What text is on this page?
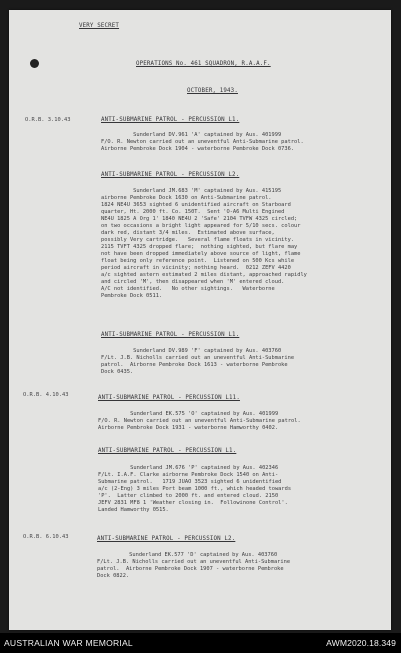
VERY SECRET
OPERATIONS No. 461 SQUADRON, R.A.A.F.
OCTOBER, 1943.
O.R.B. 3.10.43	ANTI-SUBMARINE PATROL - PERCUSSION L1.
Sunderland DV.961 'A' captained by Aus. 401999
F/O. R. Newton carried out an uneventful Anti-Submarine patrol.
Airborne Pembroke Dock 1904 - waterborne Pembroke Dock 0736.
ANTI-SUBMARINE PATROL - PERCUSSION L2.
Sunderland JM.683 'M' captained by Aus. 415195
airborne Pembroke Dock 1630 on Anti-Submarine patrol.
1824 NE4U 3653 sighted 6 unidentified aircraft on Starboard
quarter, Ht. 2000 ft. Co. 150T.  Sent 'O-A6 Multi Engined
NE4U 1825 A Org 1' 1840 NE4U 2 'Safe' 2104 TVFW 4325 circled;
on two occasions a bright light appeared for 5/10 secs. colour
dark red, distant 3/4 miles.  Estimated above surface,
possibly Very cartridge.   Several flame floats in vicinity.
2115 TVFT 4325 dropped flare;  nothing sighted, but flare may
not have been dropped immediately above source of light, flame
float being only reference point.  Listened on 500 Kcs while
period aircraft in vicinity; nothing heard.  0212 ZEFV 4420
a/c sighted astern estimated 2 miles distant, approached rapidly
and circled 'M', then disappeared when 'M' entered cloud.
A/C not identified.   No other sightings.   Waterborne
Pembroke Dock 0511.
ANTI-SUBMARINE PATROL - PERCUSSION L1.
Sunderland DV.989 'F' captained by Aus. 403760
F/Lt. J.B. Nicholls carried out an uneventful Anti-Submarine
patrol.  Airborne Pembroke Dock 1613 - waterborne Pembroke
Dock 0435.
O.R.B. 4.10.43	ANTI-SUBMARINE PATROL - PERCUSSION L11.
Sunderland EK.575 'O' captained by Aus. 401999
F/O. R. Newton carried out an uneventful Anti-Submarine patrol.
Airborne Pembroke Dock 1931 - waterborne Hamworthy 0402.
ANTI-SUBMARINE PATROL - PERCUSSION L1.
Sunderland JM.676 'P' captained by Aus. 402346
F/Lt. I.A.F. Clarke airborne Pembroke Dock 1540 on Anti-
Submarine patrol.   1719 JUAO 3523 sighted 6 unidentified
a/c (2-Eng) 3 miles Port beam 1000 ft., which headed towards
'P'.  Latter climbed to 2000 ft. and entered cloud. 2150
JEFV 2831 MF8 1 'Weather closing in.  Followinone Control'.
Landed Hamworthy 0515.
O.R.B. 6.10.43	ANTI-SUBMARINE PATROL - PERCUSSION L2.
Sunderland EK.577 'D' captained by Aus. 403760
F/Lt. J.B. Nicholls carried out an uneventful Anti-Submarine
patrol.  Airborne Pembroke Dock 1907 - waterborne Pembroke
Dock 0822.
AUSTRALIAN WAR MEMORIAL	AWM2020.18.349
